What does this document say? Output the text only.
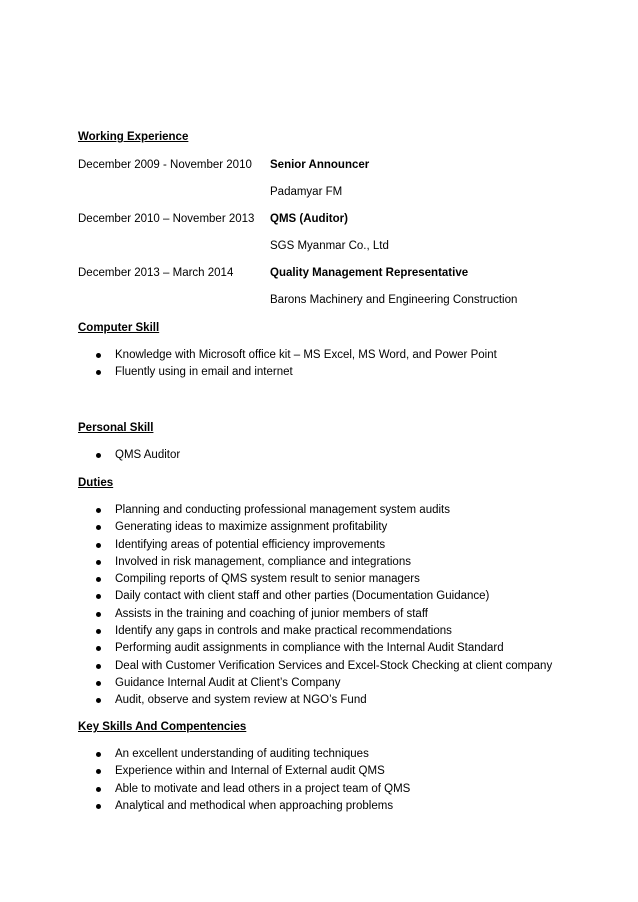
Working Experience
December 2009 - November 2010 Senior Announcer
Padamyar FM
December 2010 – November 2013 QMS (Auditor)
SGS Myanmar Co., Ltd
December 2013 – March 2014	Quality Management Representative
Barons Machinery and Engineering Construction
Computer Skill
Knowledge with Microsoft office kit – MS Excel, MS Word, and Power Point
Fluently using in email and internet
Personal Skill
QMS Auditor
Duties
Planning and conducting professional management system audits
Generating ideas to maximize assignment profitability
Identifying areas of potential efficiency improvements
Involved in risk management, compliance and integrations
Compiling reports of QMS system result to senior managers
Daily contact with client staff and other parties (Documentation Guidance)
Assists in the training and coaching of junior members of staff
Identify any gaps in controls and make practical recommendations
Performing audit assignments in compliance with the Internal Audit Standard
Deal with Customer Verification Services and Excel-Stock Checking at client company
Guidance Internal Audit at Client’s Company
Audit, observe and system review at NGO’s Fund
Key Skills And Compentencies
An excellent understanding of auditing techniques
Experience within and Internal of External audit QMS
Able to motivate and lead others in a project team of QMS
Analytical and methodical when approaching problems
